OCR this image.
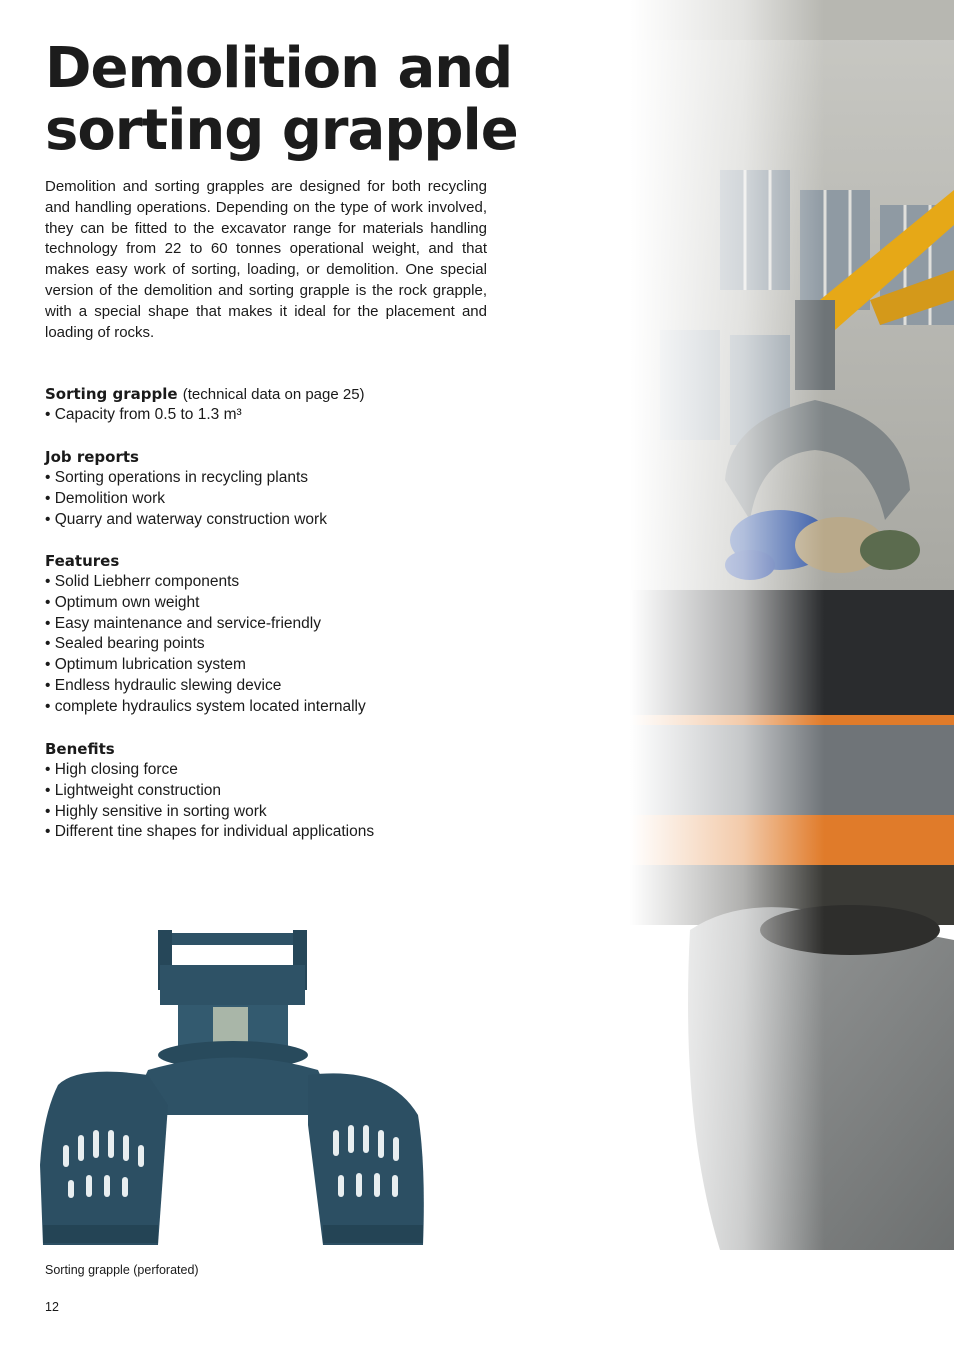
Demolition and
sorting grapple

Demolition and sorting grapples are designed for both recycling and handling operations. Depending on the type of work involved, they can be fitted to the excavator range for materials handling technology from 22 to 60 tonnes operational weight, and that makes easy work of sorting, loading, or demolition. One special version of the demolition and sorting grapple is the rock grapple, with a special shape that makes it ideal for the placement and loading of rocks.

Sorting grapple (technical data on page 25)
• Capacity from 0.5 to 1.3 m³
Job reports
• Sorting operations in recycling plants
• Demolition work
• Quarry and waterway construction work
Features
• Solid Liebherr components
• Optimum own weight
• Easy maintenance and service-friendly
• Sealed bearing points
• Optimum lubrication system
• Endless hydraulic slewing device
• complete hydraulics system located internally
Benefits
• High closing force
• Lightweight construction
• Highly sensitive in sorting work
• Different tine shapes for individual applications
Sorting grapple (perforated)
12
